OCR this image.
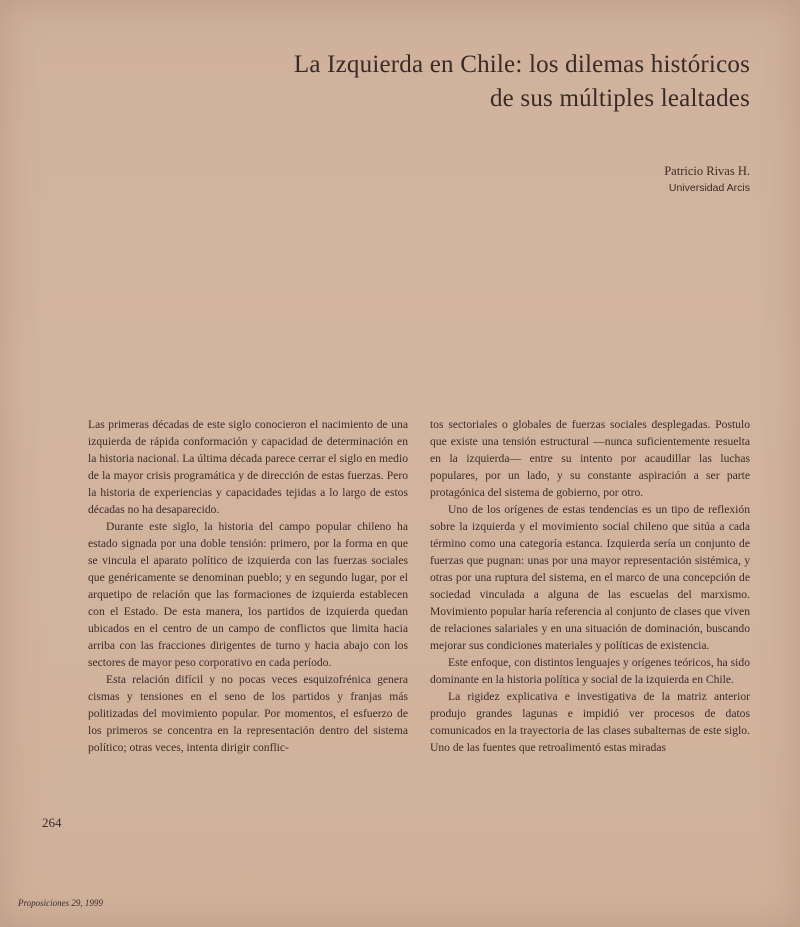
La Izquierda en Chile: los dilemas históricos
de sus múltiples lealtades
Patricio Rivas H.
Universidad Arcis

Las primeras décadas de este siglo conocieron el nacimiento de una izquierda de rápida conformación y capacidad de determinación en la historia nacional. La última década parece cerrar el siglo en medio de la mayor crisis programática y de dirección de estas fuerzas. Pero la historia de experiencias y capacidades tejidas a lo largo de estos décadas no ha desaparecido.

Durante este siglo, la historia del campo popular chileno ha estado signada por una doble tensión: primero, por la forma en que se vincula el aparato político de izquierda con las fuerzas sociales que genéricamente se denominan pueblo; y en segundo lugar, por el arquetipo de relación que las formaciones de izquierda establecen con el Estado. De esta manera, los partidos de izquierda quedan ubicados en el centro de un campo de conflictos que limita hacia arriba con las fracciones dirigentes de turno y hacia abajo con los sectores de mayor peso corporativo en cada período.

Esta relación difícil y no pocas veces esquizofrénica genera cismas y tensiones en el seno de los partidos y franjas más politizadas del movimiento popular. Por momentos, el esfuerzo de los primeros se concentra en la representación dentro del sistema político; otras veces, intenta dirigir conflic-

tos sectoriales o globales de fuerzas sociales desplegadas. Postulo que existe una tensión estructural —nunca suficientemente resuelta en la izquierda— entre su intento por acaudillar las luchas populares, por un lado, y su constante aspiración a ser parte protagónica del sistema de gobierno, por otro.

Uno de los orígenes de estas tendencias es un tipo de reflexión sobre la izquierda y el movimiento social chileno que sitúa a cada término como una categoría estanca. Izquierda sería un conjunto de fuerzas que pugnan: unas por una mayor representación sistémica, y otras por una ruptura del sistema, en el marco de una concepción de sociedad vinculada a alguna de las escuelas del marxismo. Movimiento popular haría referencia al conjunto de clases que viven de relaciones salariales y en una situación de dominación, buscando mejorar sus condiciones materiales y políticas de existencia.

Este enfoque, con distintos lenguajes y orígenes teóricos, ha sido dominante en la historia política y social de la izquierda en Chile.

La rigidez explicativa e investigativa de la matriz anterior produjo grandes lagunas e impidió ver procesos de datos comunicados en la trayectoria de las clases subalternas de este siglo. Uno de las fuentes que retroalimentó estas miradas

264
Proposiciones 29, 1999
